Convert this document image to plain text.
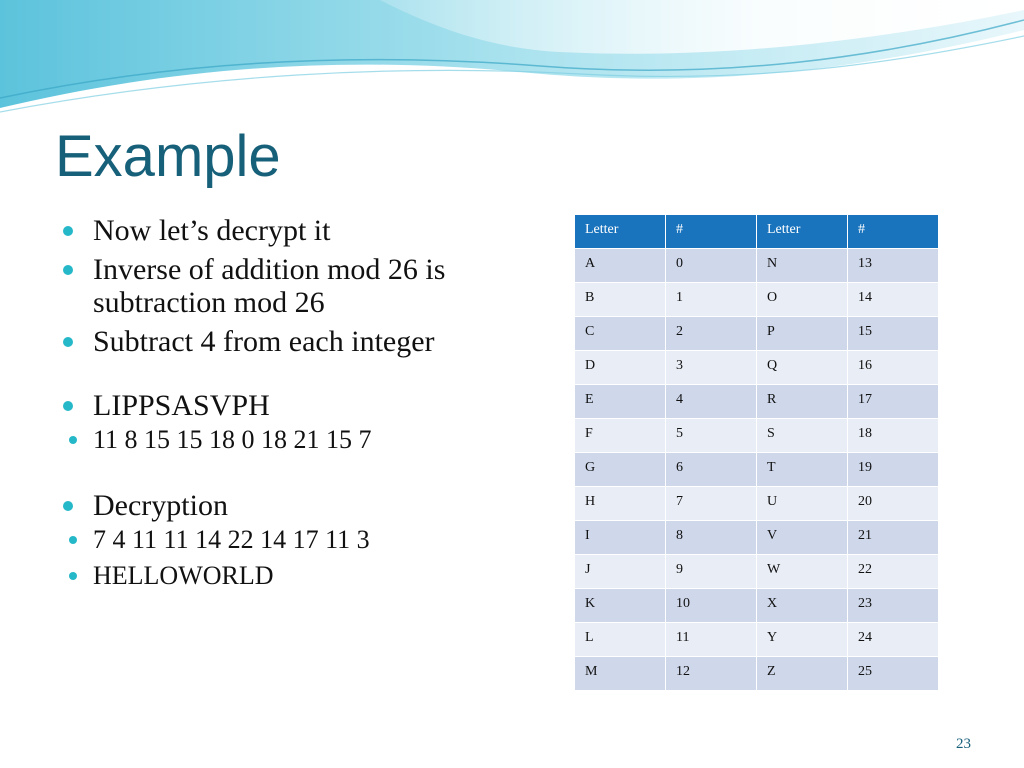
Example
Now let’s decrypt it
Inverse of addition mod 26 is subtraction mod 26
Subtract 4 from each integer
LIPPSASVPH
11 8 15 15 18 0 18 21 15 7
Decryption
7 4 11 11 14 22 14 17 11 3
HELLOWORLD
Letter	#	Letter	#
A	0	N	13
B	1	O	14
C	2	P	15
D	3	Q	16
E	4	R	17
F	5	S	18
G	6	T	19
H	7	U	20
I	8	V	21
J	9	W	22
K	10	X	23
L	11	Y	24
M	12	Z	25
23
